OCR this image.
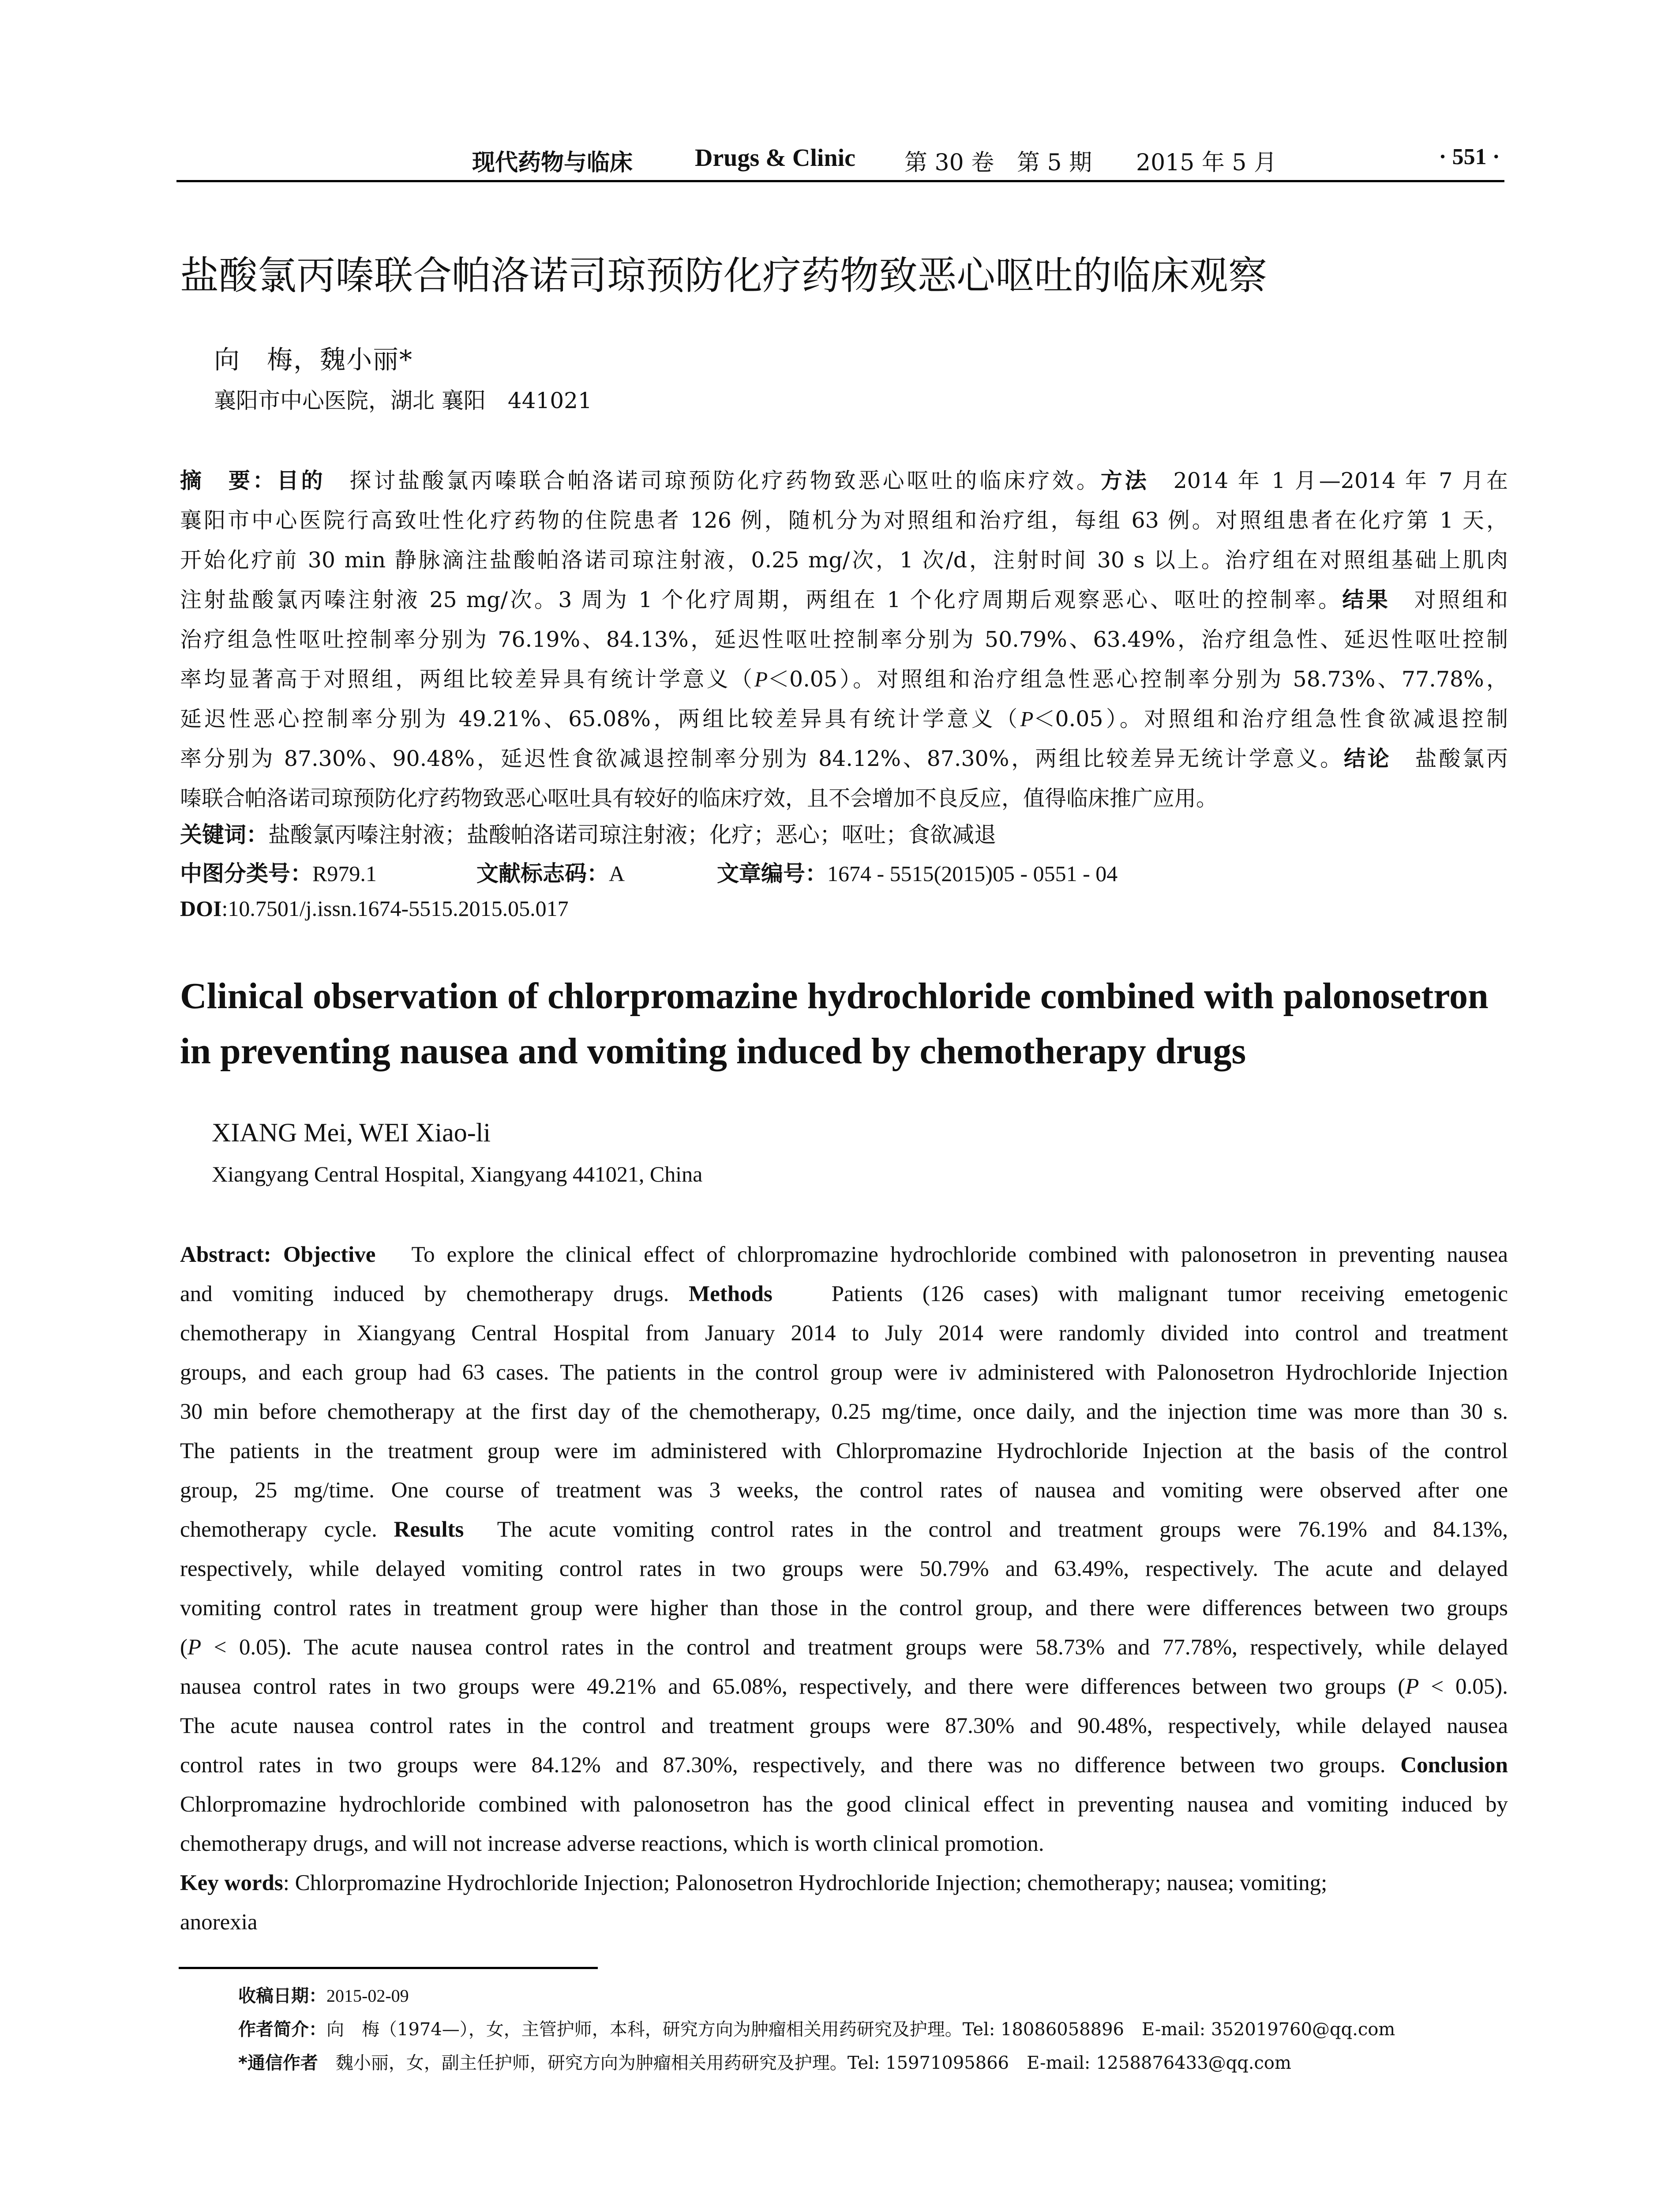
现代药物与临床	Drugs & Clinic 第 30 卷 第 5 期 2015 年 5 月	· 551 ·
盐酸氯丙嗪联合帕洛诺司琼预防化疗药物致恶心呕吐的临床观察
向　梅，魏小丽*
襄阳市中心医院，湖北 襄阳　441021
摘　要：目的　探讨盐酸氯丙嗪联合帕洛诺司琼预防化疗药物致恶心呕吐的临床疗效。方法　2014 年 1 月—2014 年 7 月在
襄阳市中心医院行高致吐性化疗药物的住院患者 126 例，随机分为对照组和治疗组，每组 63 例。对照组患者在化疗第 1 天，
开始化疗前 30 min 静脉滴注盐酸帕洛诺司琼注射液，0.25 mg/次，1 次/d，注射时间 30 s 以上。治疗组在对照组基础上肌肉
注射盐酸氯丙嗪注射液 25 mg/次。3 周为 1 个化疗周期，两组在 1 个化疗周期后观察恶心、呕吐的控制率。结果　对照组和
治疗组急性呕吐控制率分别为 76.19%、84.13%，延迟性呕吐控制率分别为 50.79%、63.49%，治疗组急性、延迟性呕吐控制
率均显著高于对照组，两组比较差异具有统计学意义（P＜0.05）。对照组和治疗组急性恶心控制率分别为 58.73%、77.78%，
延迟性恶心控制率分别为 49.21%、65.08%，两组比较差异具有统计学意义（P＜0.05）。对照组和治疗组急性食欲减退控制
率分别为 87.30%、90.48%，延迟性食欲减退控制率分别为 84.12%、87.30%，两组比较差异无统计学意义。结论　盐酸氯丙
嗪联合帕洛诺司琼预防化疗药物致恶心呕吐具有较好的临床疗效，且不会增加不良反应，值得临床推广应用。
关键词：盐酸氯丙嗪注射液；盐酸帕洛诺司琼注射液；化疗；恶心；呕吐；食欲减退
中图分类号：R979.1	文献标志码：A	文章编号：1674 - 5515(2015)05 - 0551 - 04
DOI:10.7501/j.issn.1674-5515.2015.05.017
Clinical observation of chlorpromazine hydrochloride combined with palonosetron in preventing nausea and vomiting induced by chemotherapy drugs
XIANG Mei, WEI Xiao-li
Xiangyang Central Hospital, Xiangyang 441021, China
Abstract: Objective To explore the clinical effect of chlorpromazine hydrochloride combined with palonosetron in preventing nausea
and vomiting induced by chemotherapy drugs. Methods	Patients (126 cases) with malignant tumor receiving emetogenic
chemotherapy in Xiangyang Central Hospital from January 2014 to July 2014 were randomly divided into control and treatment
groups, and each group had 63 cases. The patients in the control group were iv administered with Palonosetron Hydrochloride Injection
30 min before chemotherapy at the first day of the chemotherapy, 0.25 mg/time, once daily, and the injection time was more than 30 s.
The patients in the treatment group were im administered with Chlorpromazine Hydrochloride Injection at the basis of the control
group, 25 mg/time. One course of treatment was 3 weeks, the control rates of nausea and vomiting were observed after one
chemotherapy cycle. Results The acute vomiting control rates in the control and treatment groups were 76.19% and 84.13%,
respectively, while delayed vomiting control rates in two groups were 50.79% and 63.49%, respectively. The acute and delayed
vomiting control rates in treatment group were higher than those in the control group, and there were differences between two groups
(P < 0.05). The acute nausea control rates in the control and treatment groups were 58.73% and 77.78%, respectively, while delayed
nausea control rates in two groups were 49.21% and 65.08%, respectively, and there were differences between two groups (P < 0.05).
The acute nausea control rates in the control and treatment groups were 87.30% and 90.48%, respectively, while delayed nausea
control rates in two groups were 84.12% and 87.30%, respectively, and there was no difference between two groups. Conclusion
Chlorpromazine hydrochloride combined with palonosetron has the good clinical effect in preventing nausea and vomiting induced by
chemotherapy drugs, and will not increase adverse reactions, which is worth clinical promotion.
Key words: Chlorpromazine Hydrochloride Injection; Palonosetron Hydrochloride Injection; chemotherapy; nausea; vomiting;
anorexia
收稿日期：2015-02-09
作者简介：向　梅（1974—），女，主管护师，本科，研究方向为肿瘤相关用药研究及护理。Tel: 18086058896　E-mail: 352019760@qq.com
*通信作者　魏小丽，女，副主任护师，研究方向为肿瘤相关用药研究及护理。Tel: 15971095866　E-mail: 1258876433@qq.com
